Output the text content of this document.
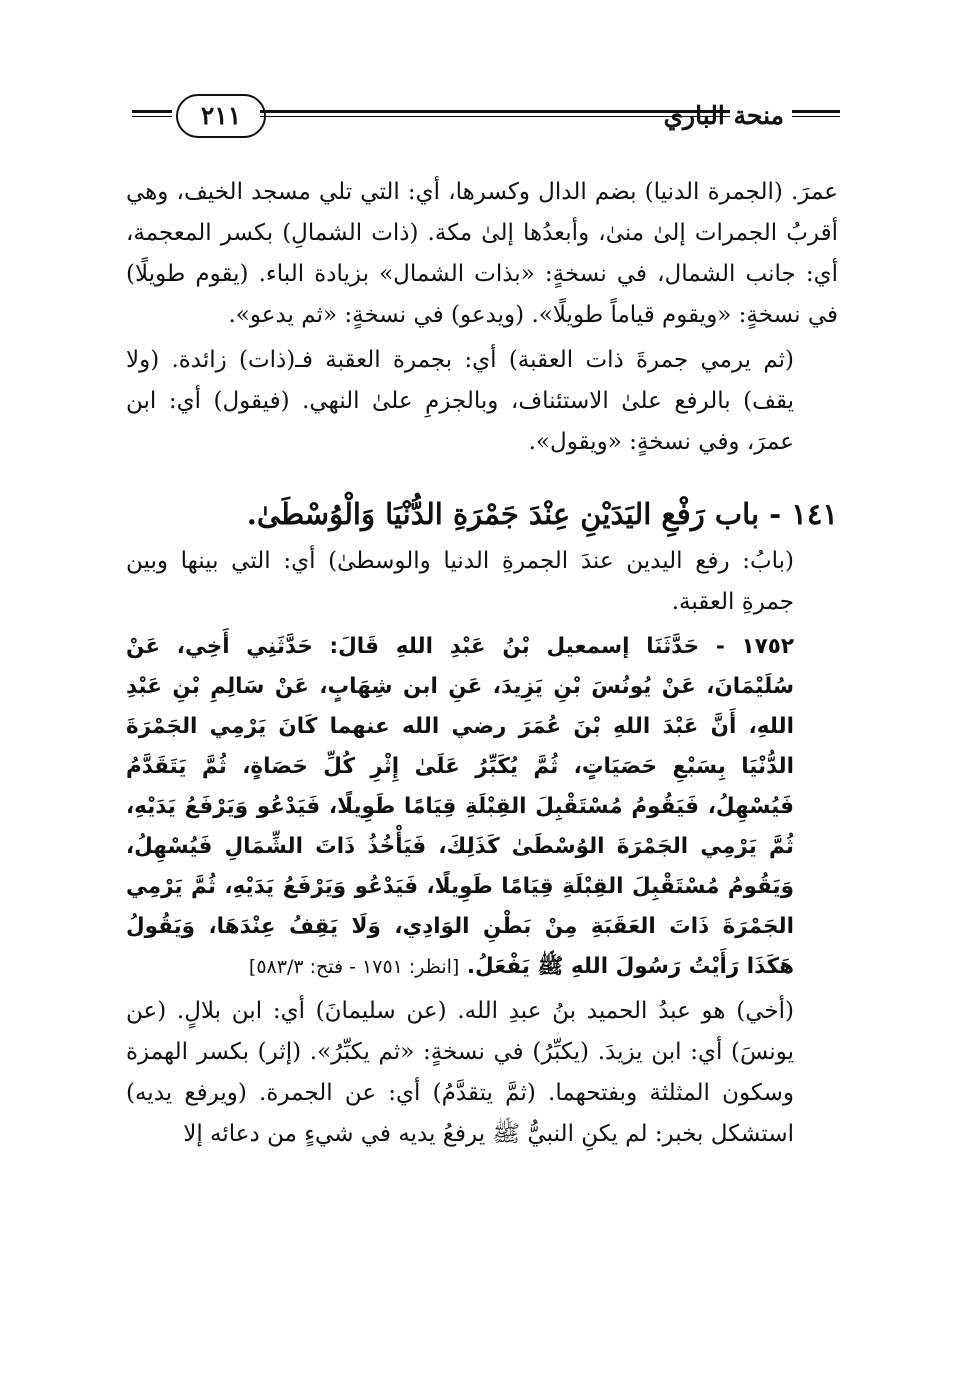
٢١١	منحة الباري

عمرَ. (الجمرة الدنيا) بضم الدال وكسرها، أي: التي تلي مسجد الخيف، وهي أقربُ الجمرات إلىٰ منىٰ، وأبعدُها إلىٰ مكة. (ذات الشمالِ) بكسر المعجمة، أي: جانب الشمال، في نسخةٍ: «بذات الشمال» بزيادة الباء. (يقوم طويلًا) في نسخةٍ: «ويقوم قياماً طويلًا». (ويدعو) في نسخةٍ: «ثم يدعو».

(ثم يرمي جمرةَ ذات العقبة) أي: بجمرة العقبة فـ(ذات) زائدة. (ولا يقف) بالرفع علىٰ الاستئناف، وبالجزمِ علىٰ النهي. (فيقول) أي: ابن عمرَ، وفي نسخةٍ: «ويقول».

١٤١ - باب رَفْعِ اليَدَيْنِ عِنْدَ جَمْرَةِ الدُّنْيَا وَالْوُسْطَىٰ.

(بابُ: رفع اليدين عندَ الجمرةِ الدنيا والوسطىٰ) أي: التي بينها وبين جمرةِ العقبة.

١٧٥٢ - حَدَّثَنَا إسمعيل بْنُ عَبْدِ اللهِ قَالَ: حَدَّثَنِي أَخِي، عَنْ سُلَيْمَانَ، عَنْ يُونُسَ بْنِ يَزِيدَ، عَنِ ابن شِهَابٍ، عَنْ سَالِمِ بْنِ عَبْدِ اللهِ، أَنَّ عَبْدَ اللهِ بْنَ عُمَرَ رضي الله عنهما كَانَ يَرْمِي الجَمْرَةَ الدُّنْيَا بِسَبْعِ حَصَيَاتٍ، ثُمَّ يُكَبِّرُ عَلَىٰ إِثْرِ كُلِّ حَصَاةٍ، ثُمَّ يَتَقَدَّمُ فَيُسْهِلُ، فَيَقُومُ مُسْتَقْبِلَ القِبْلَةِ قِيَامًا طَوِيلًا، فَيَدْعُو وَيَرْفَعُ يَدَيْهِ، ثُمَّ يَرْمِي الجَمْرَةَ الوُسْطَىٰ كَذَلِكَ، فَيَأْخُذُ ذَاتَ الشِّمَالِ فَيُسْهِلُ، وَيَقُومُ مُسْتَقْبِلَ القِبْلَةِ قِيَامًا طَوِيلًا، فَيَدْعُو وَيَرْفَعُ يَدَيْهِ، ثُمَّ يَرْمِي الجَمْرَةَ ذَاتَ العَقَبَةِ مِنْ بَطْنِ الوَادِي، وَلَا يَقِفُ عِنْدَهَا، وَيَقُولُ هَكَذَا رَأَيْتُ رَسُولَ اللهِ ﷺ يَفْعَلُ. [انظر: ١٧٥١ - فتح: ٥٨٣/٣]

(أخي) هو عبدُ الحميد بنُ عبدِ الله. (عن سليمانَ) أي: ابن بلالٍ. (عن يونسَ) أي: ابن يزيدَ. (يكبِّرُ) في نسخةٍ: «ثم يكبِّرُ». (إثر) بكسر الهمزة وسكون المثلثة وبفتحهما. (ثمَّ يتقدَّمُ) أي: عن الجمرة. (ويرفع يديه) استشكل بخبر: لم يكنِ النبيُّ ﷺ يرفعُ يديه في شيءٍ من دعائه إلا
